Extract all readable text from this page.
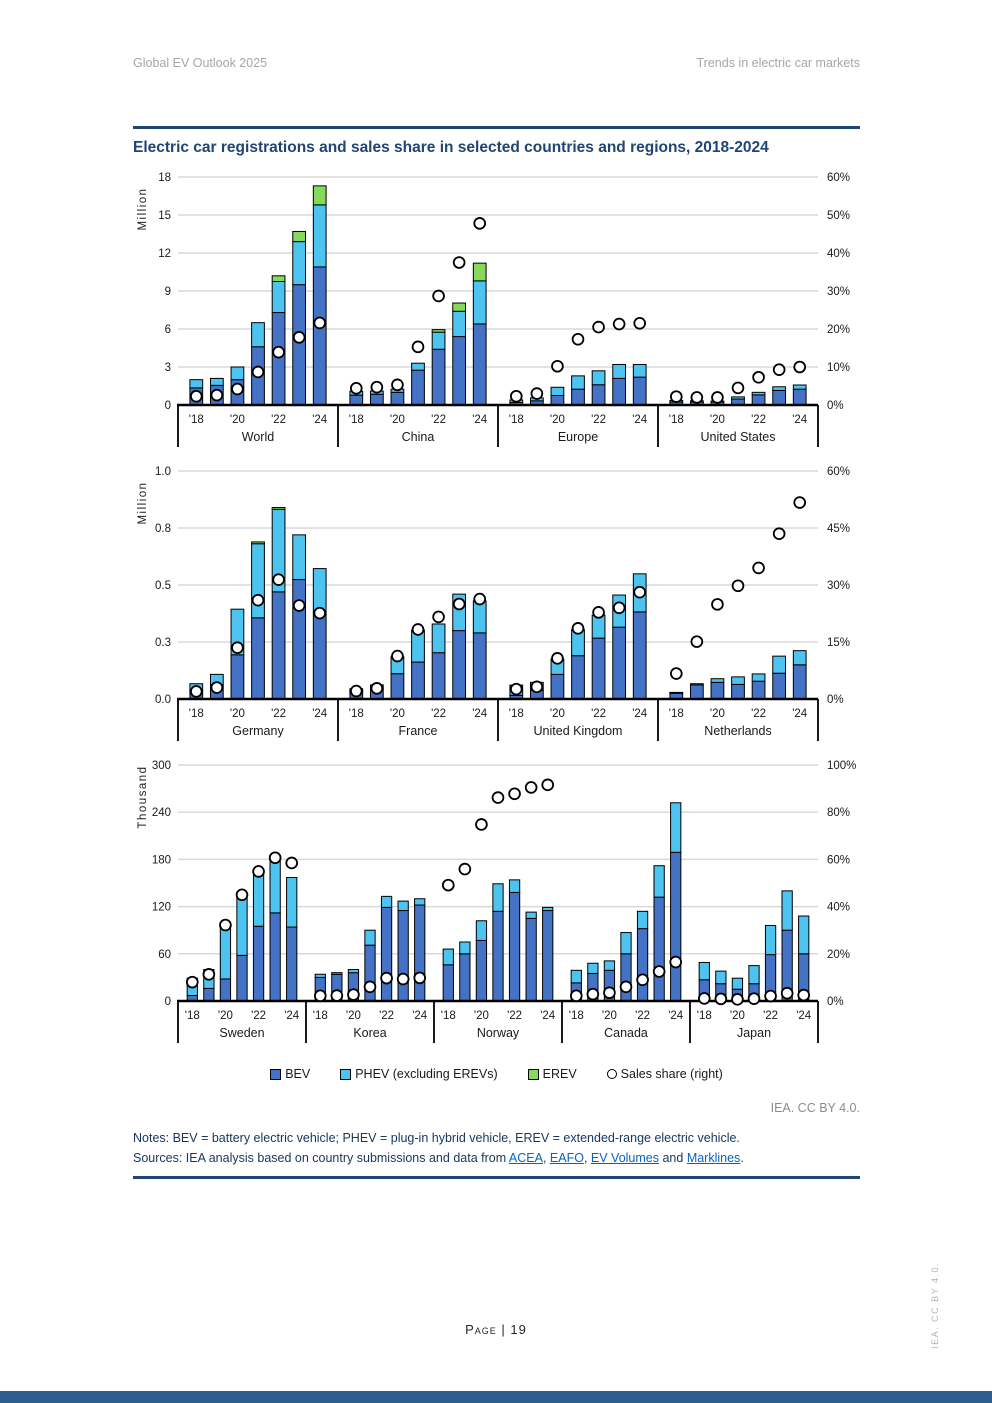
Global EV Outlook 2025	Trends in electric car markets
Electric car registrations and sales share in selected countries and regions, 2018-2024
0	0%
3	10%
6	20%
9	30%
12	40%
15	50%
18	60%
Million
'18 '20 '22 '24
World
'18 '20 '22 '24
China
'18 '20 '22 '24
Europe
'18 '20 '22 '24
United States
0.0	0%
0.3	15%
0.5	30%
0.8	45%
1.0	60%
Million
'18 '20 '22 '24
Germany
'18 '20 '22 '24
France
'18 '20 '22 '24
United Kingdom
'18 '20 '22 '24
Netherlands
0	0%
60	20%
120	40%
180	60%
240	80%
300	100%
Thousand
'18 '20 '22 '24
Sweden
'18 '20 '22 '24
Korea
'18 '20 '22 '24
Norway
'18 '20 '22 '24
Canada
'18 '20 '22 '24
Japan
BEV	PHEV (excluding EREVs)	EREV	Sales share (right)
IEA. CC BY 4.0.
Notes: BEV = battery electric vehicle; PHEV = plug-in hybrid vehicle, EREV = extended-range electric vehicle.
Sources: IEA analysis based on country submissions and data from ACEA, EAFO, EV Volumes and Marklines.
Page | 19	IEA. CC BY 4.0.
